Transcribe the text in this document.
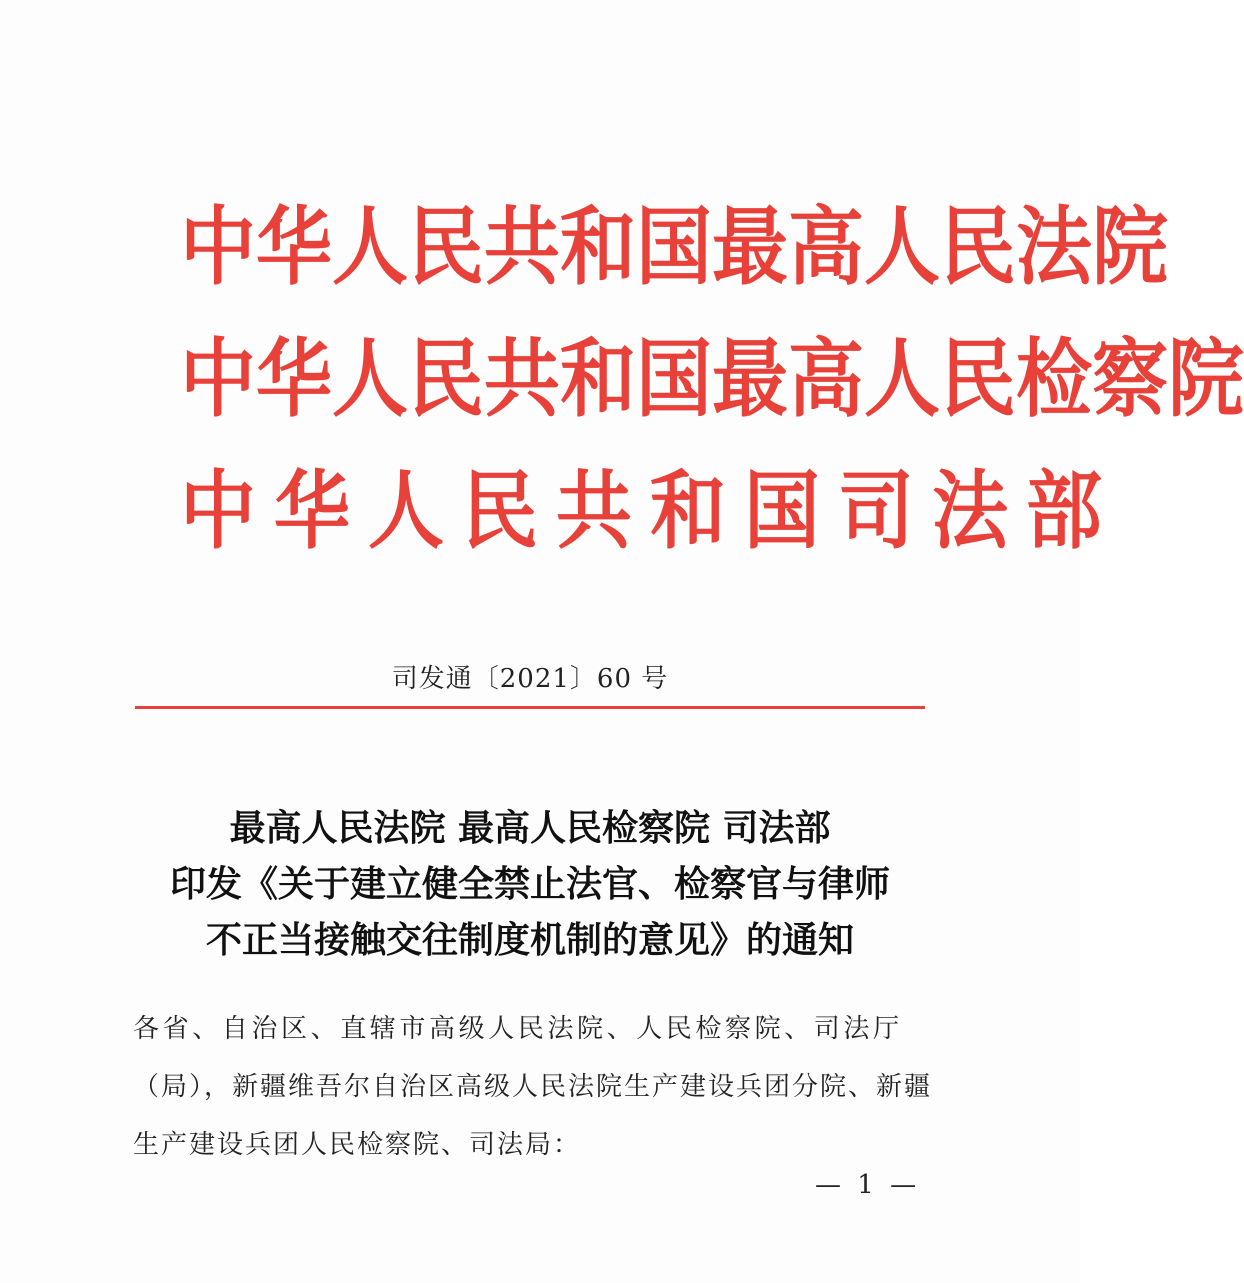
中华人民共和国最高人民法院
中华人民共和国最高人民检察院
中华人民共和国司法部
司发通〔2021〕60 号
最高人民法院 最高人民检察院 司法部
印发《关于建立健全禁止法官、检察官与律师
不正当接触交往制度机制的意见》的通知
各省、自治区、直辖市高级人民法院、人民检察院、司法厅
（局），新疆维吾尔自治区高级人民法院生产建设兵团分院、新疆
生产建设兵团人民检察院、司法局：
— 1 —
